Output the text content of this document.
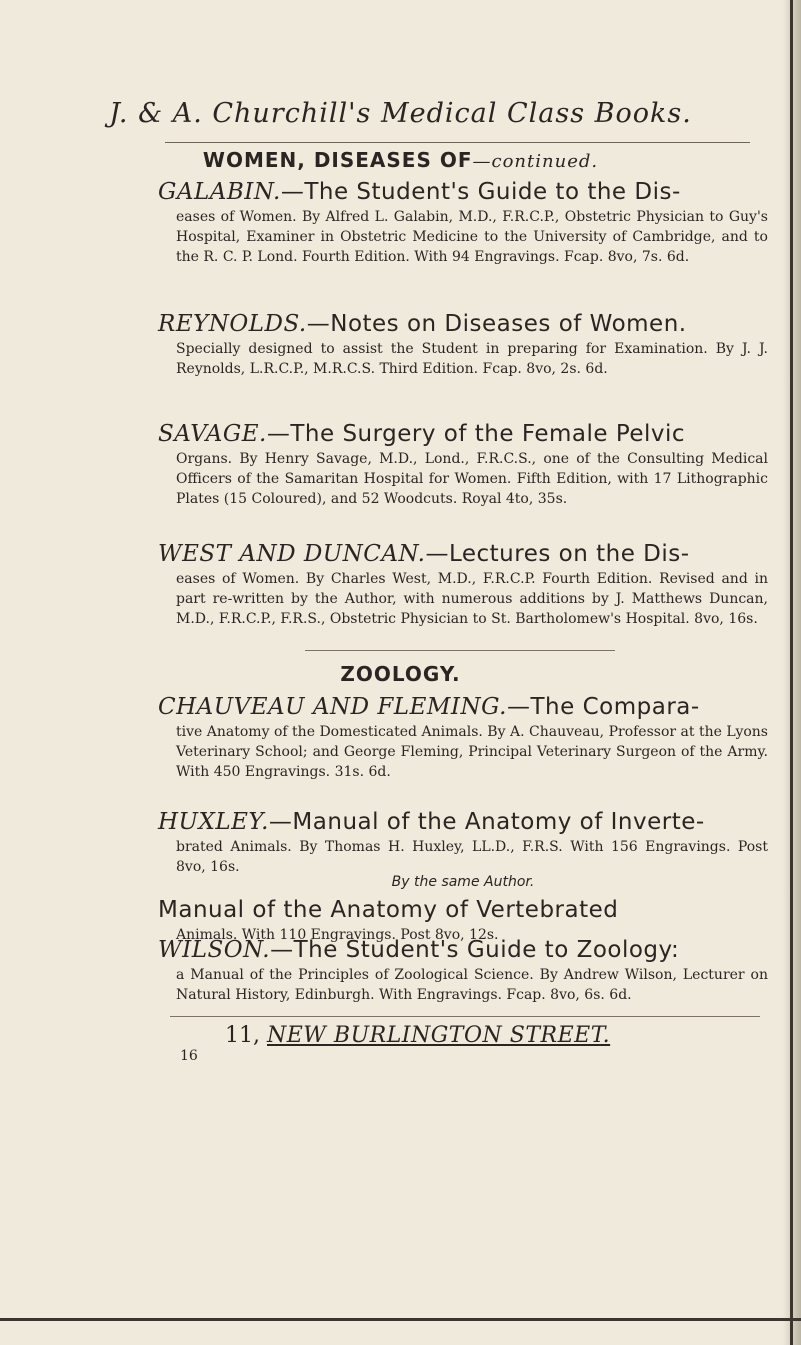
J. & A. Churchill's Medical Class Books.
WOMEN, DISEASES OF—continued.
GALABIN.—The Student's Guide to the Dis-
eases of Women. By Alfred L. Galabin, M.D., F.R.C.P., Obstetric Physician to Guy's Hospital, Examiner in Obstetric Medicine to the University of Cambridge, and to the R. C. P. Lond. Fourth Edition. With 94 Engravings. Fcap. 8vo, 7s. 6d.
REYNOLDS.—Notes on Diseases of Women.
Specially designed to assist the Student in preparing for Examination. By J. J. Reynolds, L.R.C.P., M.R.C.S. Third Edition. Fcap. 8vo, 2s. 6d.
SAVAGE.—The Surgery of the Female Pelvic
Organs. By Henry Savage, M.D., Lond., F.R.C.S., one of the Consulting Medical Officers of the Samaritan Hospital for Women. Fifth Edition, with 17 Lithographic Plates (15 Coloured), and 52 Woodcuts. Royal 4to, 35s.
WEST AND DUNCAN.—Lectures on the Dis-
eases of Women. By Charles West, M.D., F.R.C.P. Fourth Edition. Revised and in part re-written by the Author, with numerous additions by J. Matthews Duncan, M.D., F.R.C.P., F.R.S., Obstetric Physician to St. Bartholomew's Hospital. 8vo, 16s.
ZOOLOGY.
CHAUVEAU AND FLEMING.—The Compara-
tive Anatomy of the Domesticated Animals. By A. Chauveau, Professor at the Lyons Veterinary School; and George Fleming, Principal Veterinary Surgeon of the Army. With 450 Engravings. 31s. 6d.
HUXLEY.—Manual of the Anatomy of Inverte-
brated Animals. By Thomas H. Huxley, LL.D., F.R.S. With 156 Engravings. Post 8vo, 16s.
By the same Author.
Manual of the Anatomy of Vertebrated
Animals. With 110 Engravings. Post 8vo, 12s.
WILSON.—The Student's Guide to Zoology:
a Manual of the Principles of Zoological Science. By Andrew Wilson, Lecturer on Natural History, Edinburgh. With Engravings. Fcap. 8vo, 6s. 6d.
11, NEW BURLINGTON STREET.
16
